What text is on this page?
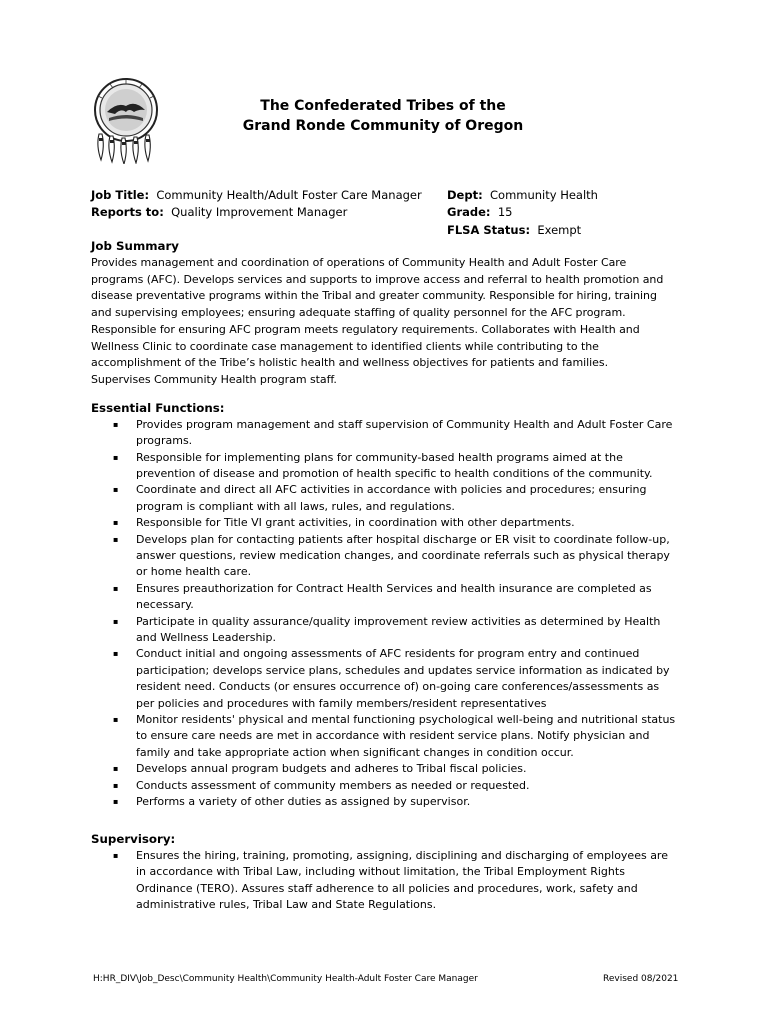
The Confederated Tribes of the
Grand Ronde Community of Oregon
Job Title: Community Health/Adult Foster Care Manager
Reports to: Quality Improvement Manager
Dept: Community Health
Grade: 15
FLSA Status: Exempt
Job Summary
Provides management and coordination of operations of Community Health and Adult Foster Care
programs (AFC). Develops services and supports to improve access and referral to health promotion and
disease preventative programs within the Tribal and greater community. Responsible for hiring, training
and supervising employees; ensuring adequate staffing of quality personnel for the AFC program.
Responsible for ensuring AFC program meets regulatory requirements. Collaborates with Health and
Wellness Clinic to coordinate case management to identified clients while contributing to the
accomplishment of the Tribe’s holistic health and wellness objectives for patients and families.
Supervises Community Health program staff.
Essential Functions:
▪ Provides program management and staff supervision of Community Health and Adult Foster Care
programs.
▪ Responsible for implementing plans for community-based health programs aimed at the
prevention of disease and promotion of health specific to health conditions of the community.
▪ Coordinate and direct all AFC activities in accordance with policies and procedures; ensuring
program is compliant with all laws, rules, and regulations.
▪ Responsible for Title VI grant activities, in coordination with other departments.
▪ Develops plan for contacting patients after hospital discharge or ER visit to coordinate follow-up,
answer questions, review medication changes, and coordinate referrals such as physical therapy
or home health care.
▪ Ensures preauthorization for Contract Health Services and health insurance are completed as
necessary.
▪ Participate in quality assurance/quality improvement review activities as determined by Health
and Wellness Leadership.
▪ Conduct initial and ongoing assessments of AFC residents for program entry and continued
participation; develops service plans, schedules and updates service information as indicated by
resident need. Conducts (or ensures occurrence of) on-going care conferences/assessments as
per policies and procedures with family members/resident representatives
▪ Monitor residents' physical and mental functioning psychological well-being and nutritional status
to ensure care needs are met in accordance with resident service plans. Notify physician and
family and take appropriate action when significant changes in condition occur.
▪ Develops annual program budgets and adheres to Tribal fiscal policies.
▪ Conducts assessment of community members as needed or requested.
▪ Performs a variety of other duties as assigned by supervisor.
Supervisory:
▪ Ensures the hiring, training, promoting, assigning, disciplining and discharging of employees are
in accordance with Tribal Law, including without limitation, the Tribal Employment Rights
Ordinance (TERO). Assures staff adherence to all policies and procedures, work, safety and
administrative rules, Tribal Law and State Regulations.
H:HR_DIV\Job_Desc\Community Health\Community Health-Adult Foster Care Manager	Revised 08/2021
